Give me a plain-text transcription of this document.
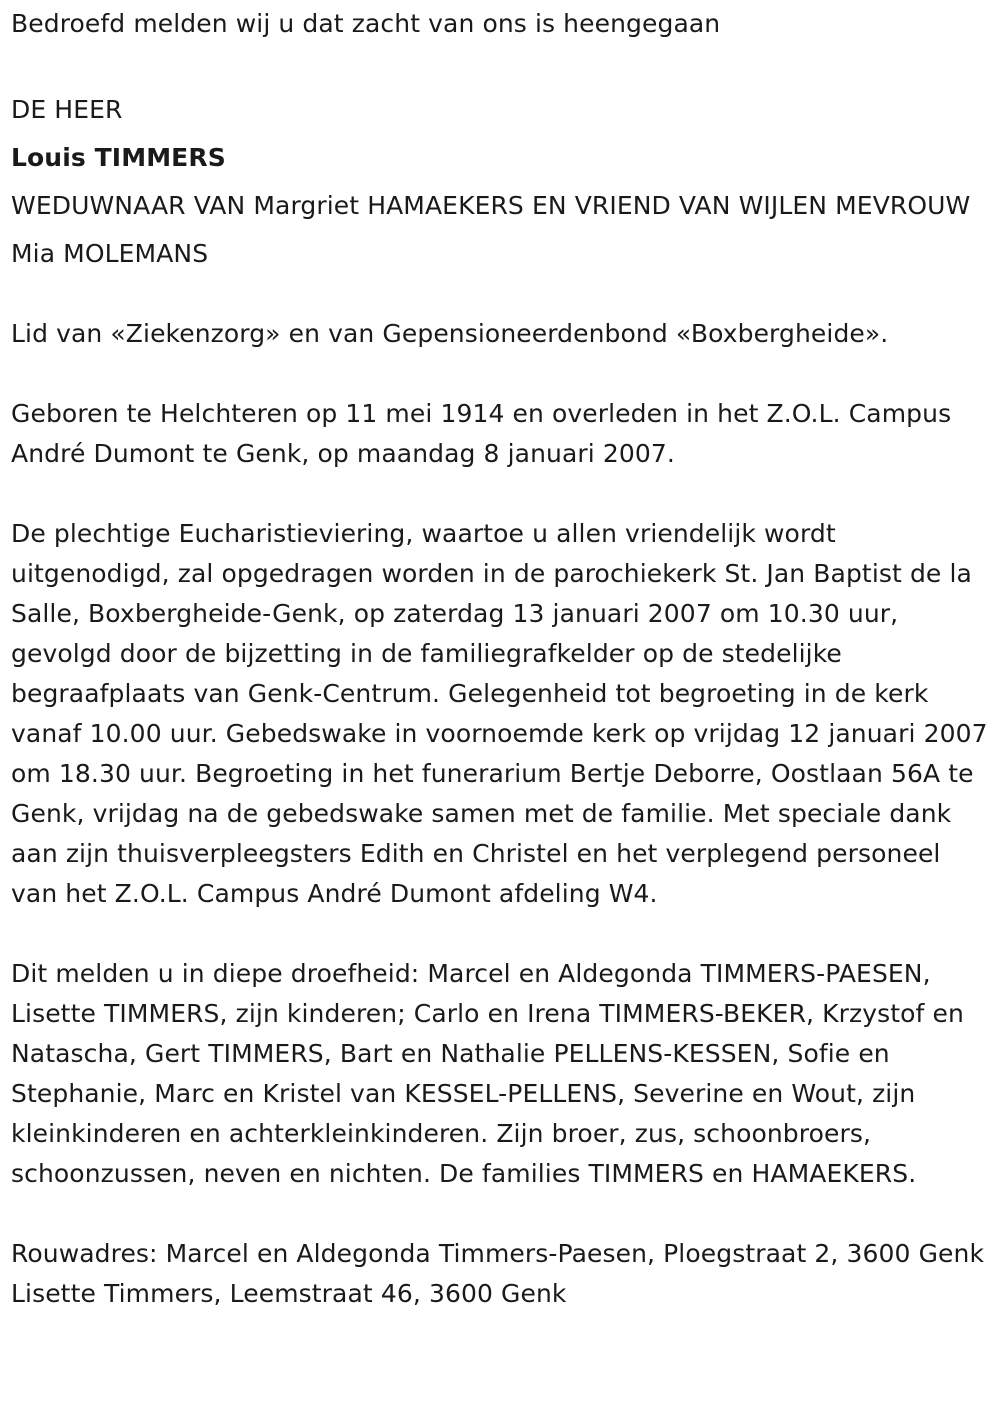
Bedroefd melden wij u dat zacht van ons is heengegaan

DE HEER

Louis TIMMERS

WEDUWNAAR VAN Margriet HAMAEKERS EN VRIEND VAN WIJLEN MEVROUW

Mia MOLEMANS

Lid van «Ziekenzorg» en van Gepensioneerdenbond «Boxbergheide».

Geboren te Helchteren op 11 mei 1914 en overleden in het Z.O.L. Campus André Dumont te Genk, op maandag 8 januari 2007.

De plechtige Eucharistieviering, waartoe u allen vriendelijk wordt uitgenodigd, zal opgedragen worden in de parochiekerk St. Jan Baptist de la Salle, Boxbergheide-Genk, op zaterdag 13 januari 2007 om 10.30 uur, gevolgd door de bijzetting in de familiegrafkelder op de stedelijke begraafplaats van Genk-Centrum. Gelegenheid tot begroeting in de kerk vanaf 10.00 uur. Gebedswake in voornoemde kerk op vrijdag 12 januari 2007 om 18.30 uur. Begroeting in het funerarium Bertje Deborre, Oostlaan 56A te Genk, vrijdag na de gebedswake samen met de familie. Met speciale dank aan zijn thuisverpleegsters Edith en Christel en het verplegend personeel van het Z.O.L. Campus André Dumont afdeling W4.

Dit melden u in diepe droefheid: Marcel en Aldegonda TIMMERS-PAESEN, Lisette TIMMERS, zijn kinderen; Carlo en Irena TIMMERS-BEKER, Krzystof en Natascha, Gert TIMMERS, Bart en Nathalie PELLENS-KESSEN, Sofie en Stephanie, Marc en Kristel van KESSEL-PELLENS, Severine en Wout, zijn kleinkinderen en achterkleinkinderen. Zijn broer, zus, schoonbroers, schoonzussen, neven en nichten. De families TIMMERS en HAMAEKERS.

Rouwadres: Marcel en Aldegonda Timmers-Paesen, Ploegstraat 2, 3600 Genk Lisette Timmers, Leemstraat 46, 3600 Genk
